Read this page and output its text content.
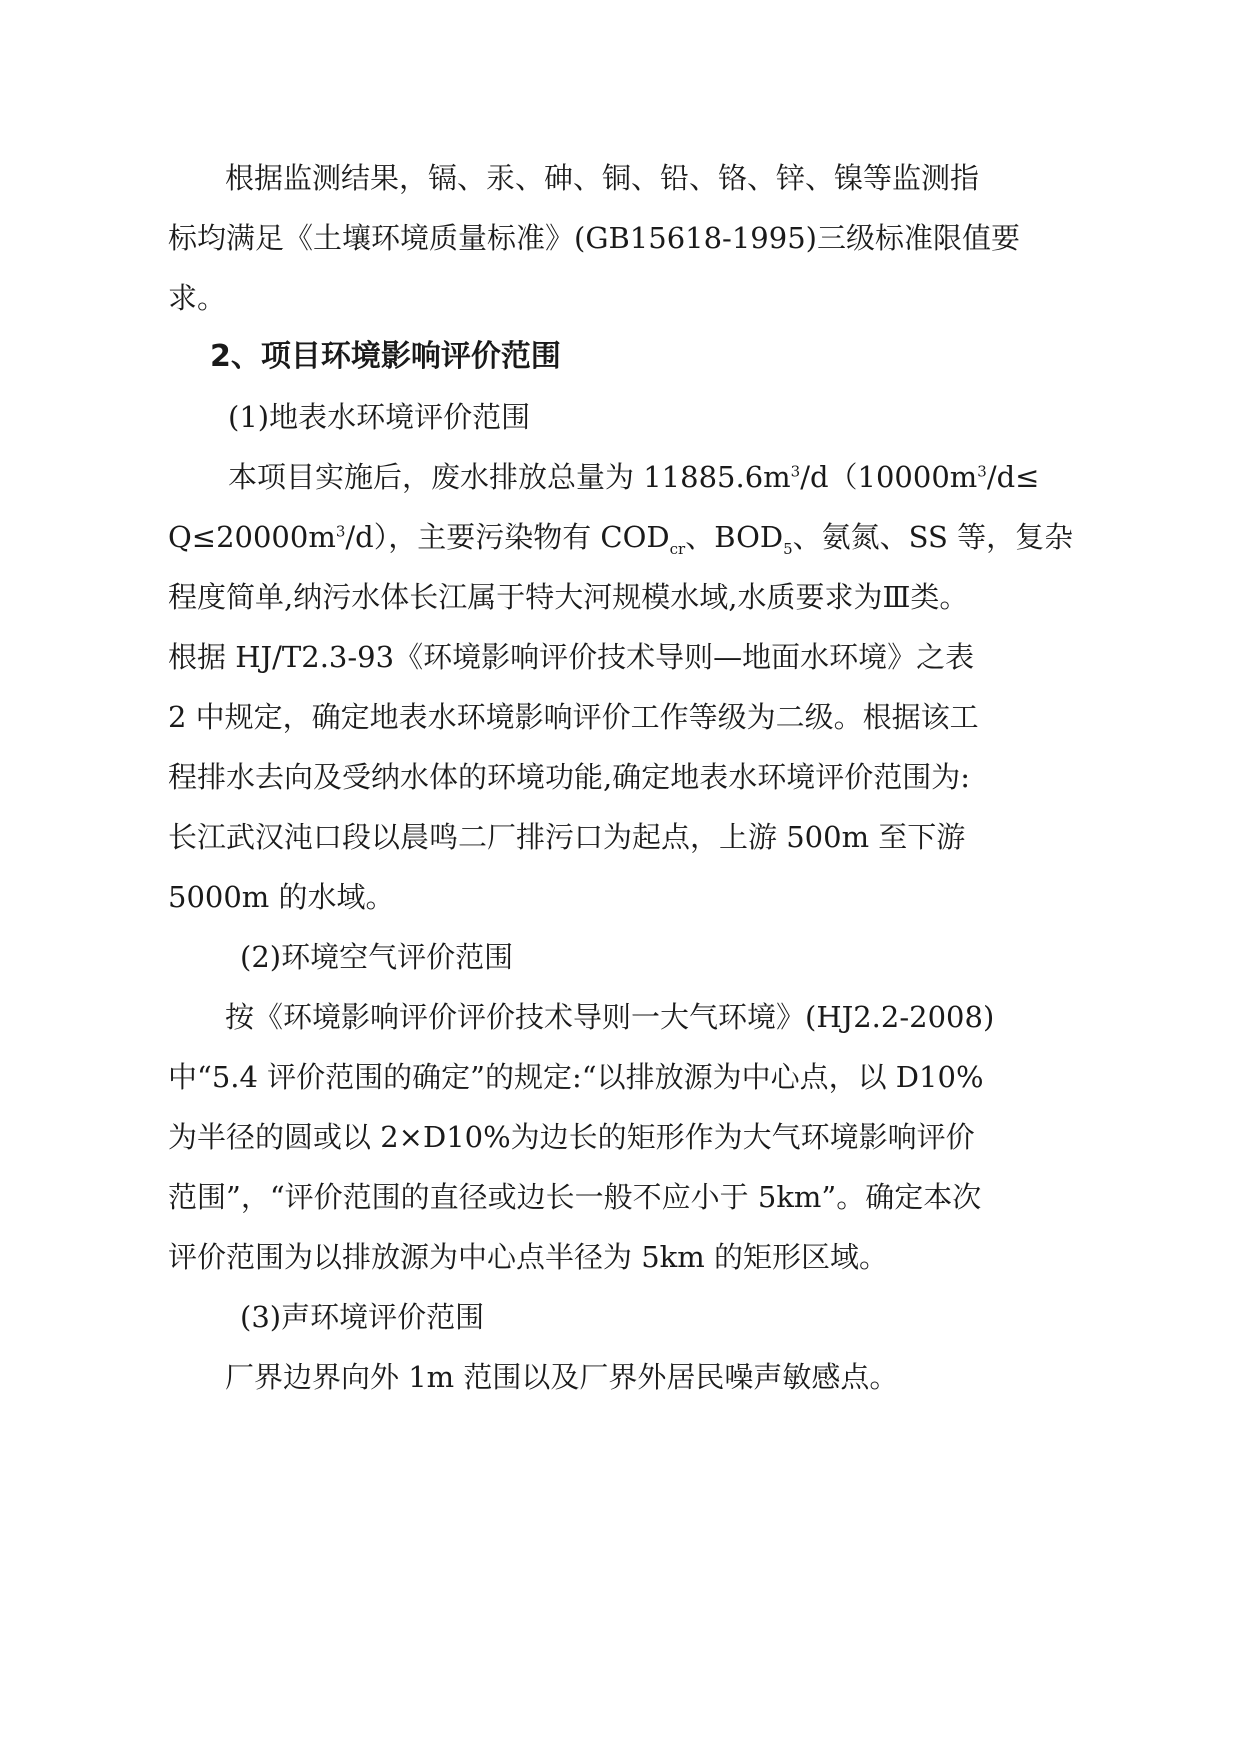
根据监测结果，镉、汞、砷、铜、铅、铬、锌、镍等监测指
标均满足《土壤环境质量标准》(GB15618-1995)三级标准限值要
求。
2、项目环境影响评价范围
(1)地表水环境评价范围
本项目实施后，废水排放总量为 $11885.6m^3/d(10000m^3/d\le$
$Q\le 20000m^3/d$），主要污染物有 $COD_{cr}$、$BOD_5$、氨氮、SS 等，复杂
程度简单,纳污水体长江属于特大河规模水域,水质要求为Ⅲ类。
根据 HJ/T2.3-93《环境影响评价技术导则—地面水环境》之表
2 中规定，确定地表水环境影响评价工作等级为二级。根据该工
程排水去向及受纳水体的环境功能,确定地表水环境评价范围为:
长江武汉沌口段以晨鸣二厂排污口为起点，上游 500m 至下游
5000m 的水域。
(2)环境空气评价范围
按《环境影响评价评价技术导则一大气环境》(HJ2.2-2008)
中“5.4 评价范围的确定”的规定:“以排放源为中心点，以 D10%
为半径的圆或以 2×D10%为边长的矩形作为大气环境影响评价
范围”，“评价范围的直径或边长一般不应小于 5km”。确定本次
评价范围为以排放源为中心点半径为 5km 的矩形区域。
(3)声环境评价范围
厂界边界向外 1m 范围以及厂界外居民噪声敏感点。
